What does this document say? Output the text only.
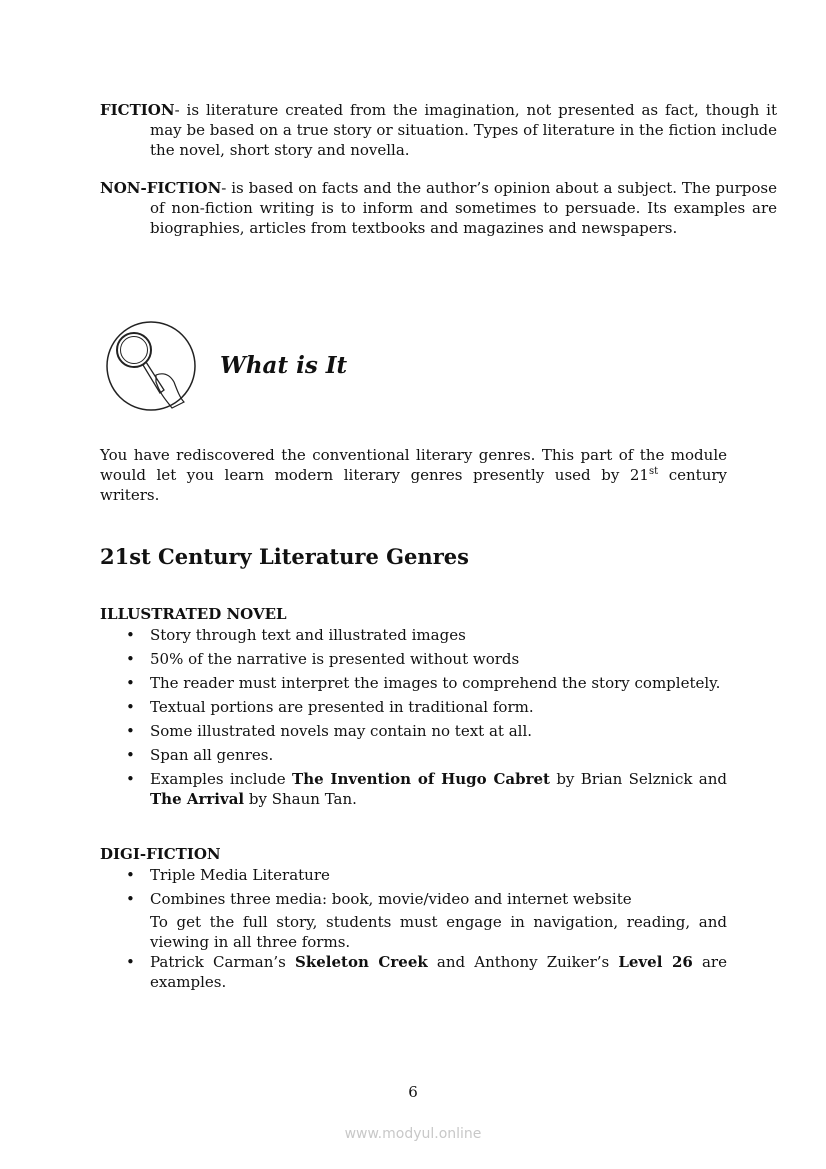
FICTION- is literature created from the imagination, not presented as fact, though it may be based on a true story or situation. Types of literature in the fiction include the novel, short story and novella.
NON-FICTION- is based on facts and the author’s opinion about a subject. The purpose of non-fiction writing is to inform and sometimes to persuade. Its examples are biographies, articles from textbooks and magazines and newspapers.
What is It
You have rediscovered the conventional literary genres. This part of the module would let you learn modern literary genres presently used by 21st century writers.
21st Century Literature Genres
ILLUSTRATED NOVEL
• Story through text and illustrated images
• 50% of the narrative is presented without words
• The reader must interpret the images to comprehend the story completely.
• Textual portions are presented in traditional form.
• Some illustrated novels may contain no text at all.
• Span all genres.
• Examples include The Invention of Hugo Cabret by Brian Selznick and The Arrival by Shaun Tan.
DIGI-FICTION
• Triple Media Literature
• Combines three media: book, movie/video and internet website
To get the full story, students must engage in navigation, reading, and viewing in all three forms.
• Patrick Carman’s Skeleton Creek and Anthony Zuiker’s Level 26 are examples.
6
www.modyul.online
